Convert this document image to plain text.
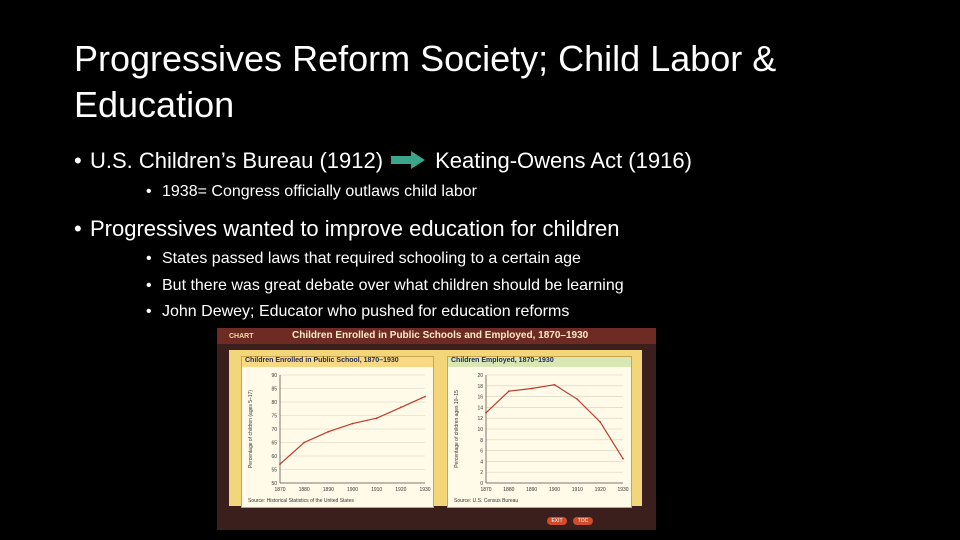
Progressives Reform Society; Child Labor & Education
• U.S. Children’s Bureau (1912) Keating-Owens Act (1916)
• 1938= Congress officially outlaws child labor
• Progressives wanted to improve education for children
• States passed laws that required schooling to a certain age
• But there was great debate over what children should be learning
• John Dewey; Educator who pushed for education reforms
CHART	Children Enrolled in Public Schools and Employed, 1870–1930
Children Enrolled in Public School, 1870–1930
Percentage of children (ages 5–17)
90
85
80
75
70
65
60
55
50
1870	1880	1890	1900	1910	1920	1930
Source: Historical Statistics of the United States
Children Employed, 1870–1930
Percentage of children ages 10–15
20
18
16
14
12
10
8
6
4
2
0
1870 1880 1890 1900 1910 1920 1930
Source: U.S. Census Bureau
EXIT	TOC
